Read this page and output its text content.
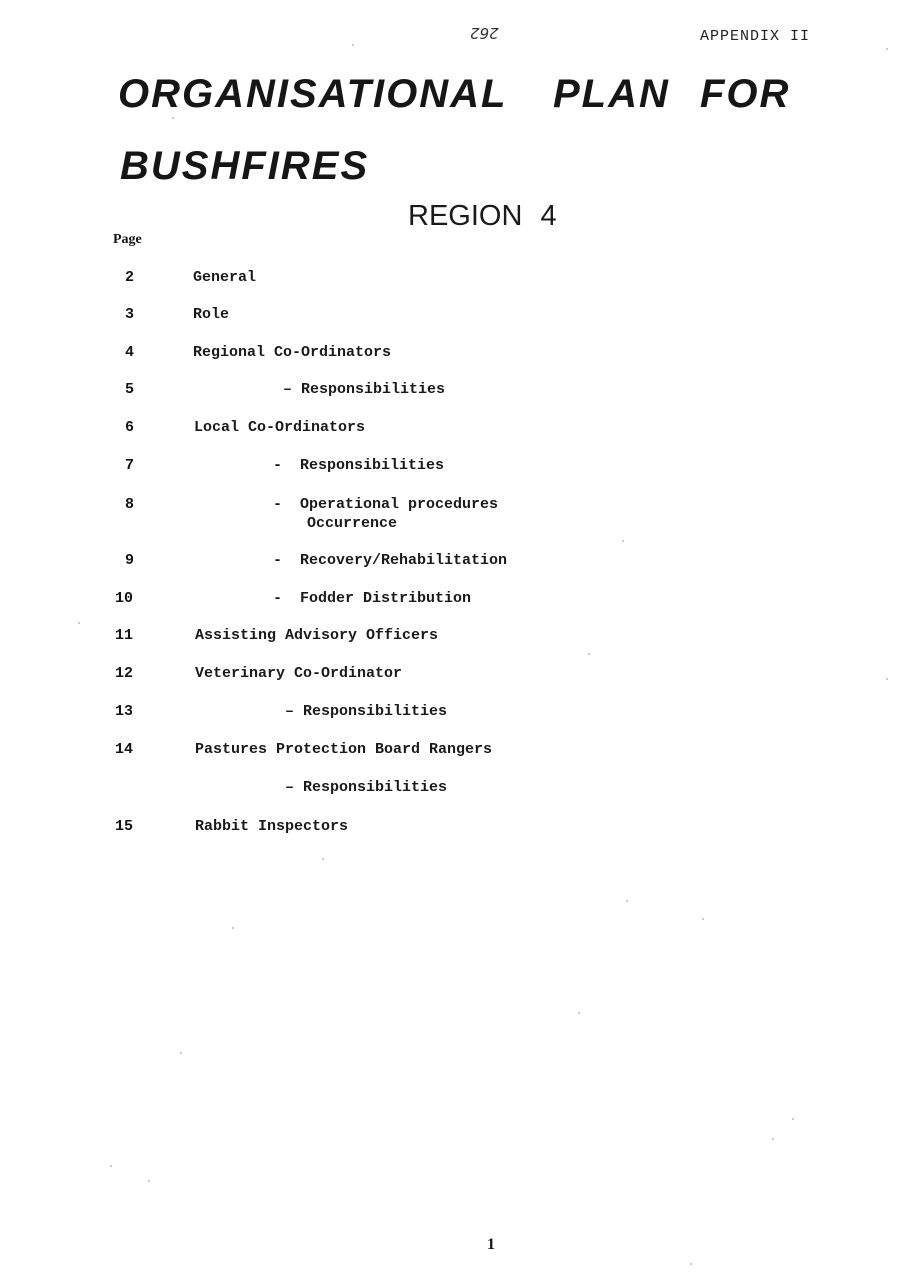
262	APPENDIX II
ORGANISATIONAL PLAN FOR
BUSHFIRES
REGION 4
Page
2	General
3	Role
4	Regional Co-Ordinators
5	– Responsibilities
6	Local Co-Ordinators
7	-  Responsibilities
8	-  Operational procedures
Occurrence
9	-  Recovery/Rehabilitation
10	-  Fodder Distribution
11	Assisting Advisory Officers
12	Veterinary Co-Ordinator
13	– Responsibilities
14	Pastures Protection Board Rangers
– Responsibilities
15	Rabbit Inspectors
1
